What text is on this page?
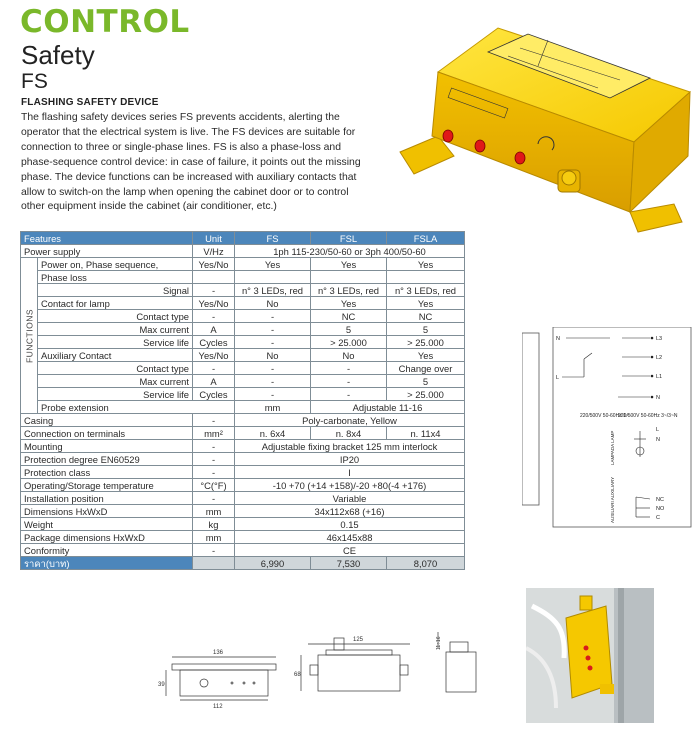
CONTROL
Safety
FS
FLASHING SAFETY DEVICE
The flashing safety devices series FS prevents accidents, alerting the operator that the electrical system is live. The FS devices are suitable for connection to three or single-phase lines. FS is also a phase-loss and phase-sequence control device: in case of failure, it points out the missing phase. The device functions can be increased with auxiliary contacts that allow to switch-on the lamp when opening the cabinet door or to control other equipment inside the cabinet (air conditioner, etc.)
Features		Unit	FS	FSL	FSLA
Power supply		V/Hz	1ph 115-230/50-60 or 3ph 400/50-60		

FUNCTIONS	Power on, Phase sequence,	Yes/No	Yes	Yes	Yes
	Phase loss				
	Signal	-	n° 3 LEDs, red	n° 3 LEDs, red	n° 3 LEDs, red
	Contact for lamp	Yes/No	No	Yes	Yes
	Contact type	-	-	NC	NC
	Max current	A	-	5	5
	Service life	Cycles	-	> 25.000	> 25.000
	Auxiliary Contact	Yes/No	No	No	Yes
	Contact type	-	-	-	Change over
	Max current	A	-	-	5
	Service life	Cycles	-	-	> 25.000
	Probe extension		mm	Adjustable 11-16	
Casing		-	Poly-carbonate, Yellow		
Connection on terminals		mm²	n. 6x4	n. 8x4	n. 11x4
Mounting		-	Adjustable fixing bracket 125 mm interlock		
Protection degree EN60529		-	IP20		
Protection class		-	I		
Operating/Storage temperature		°C(°F)	-10 +70 (+14 +158)/-20 +80(-4 +176)		
Installation position		-	Variable		
Dimensions HxWxD		mm	34x112x68 (+16)		
Weight		kg	0.15		
Package dimensions HxWxD		mm	46x145x88		
Conformity		-	CE		
ราคา(บาท)			6,990	7,530	8,070
N
L
L3
L2
L1
N
L
N
NC
NO
C
220/500V 50-60Hz 1~
220/500V 50-60Hz 3~/3~N
LAMPADA LAMP
AUSILIARI AUXILIARY
136
112
39
125
68
11÷16
